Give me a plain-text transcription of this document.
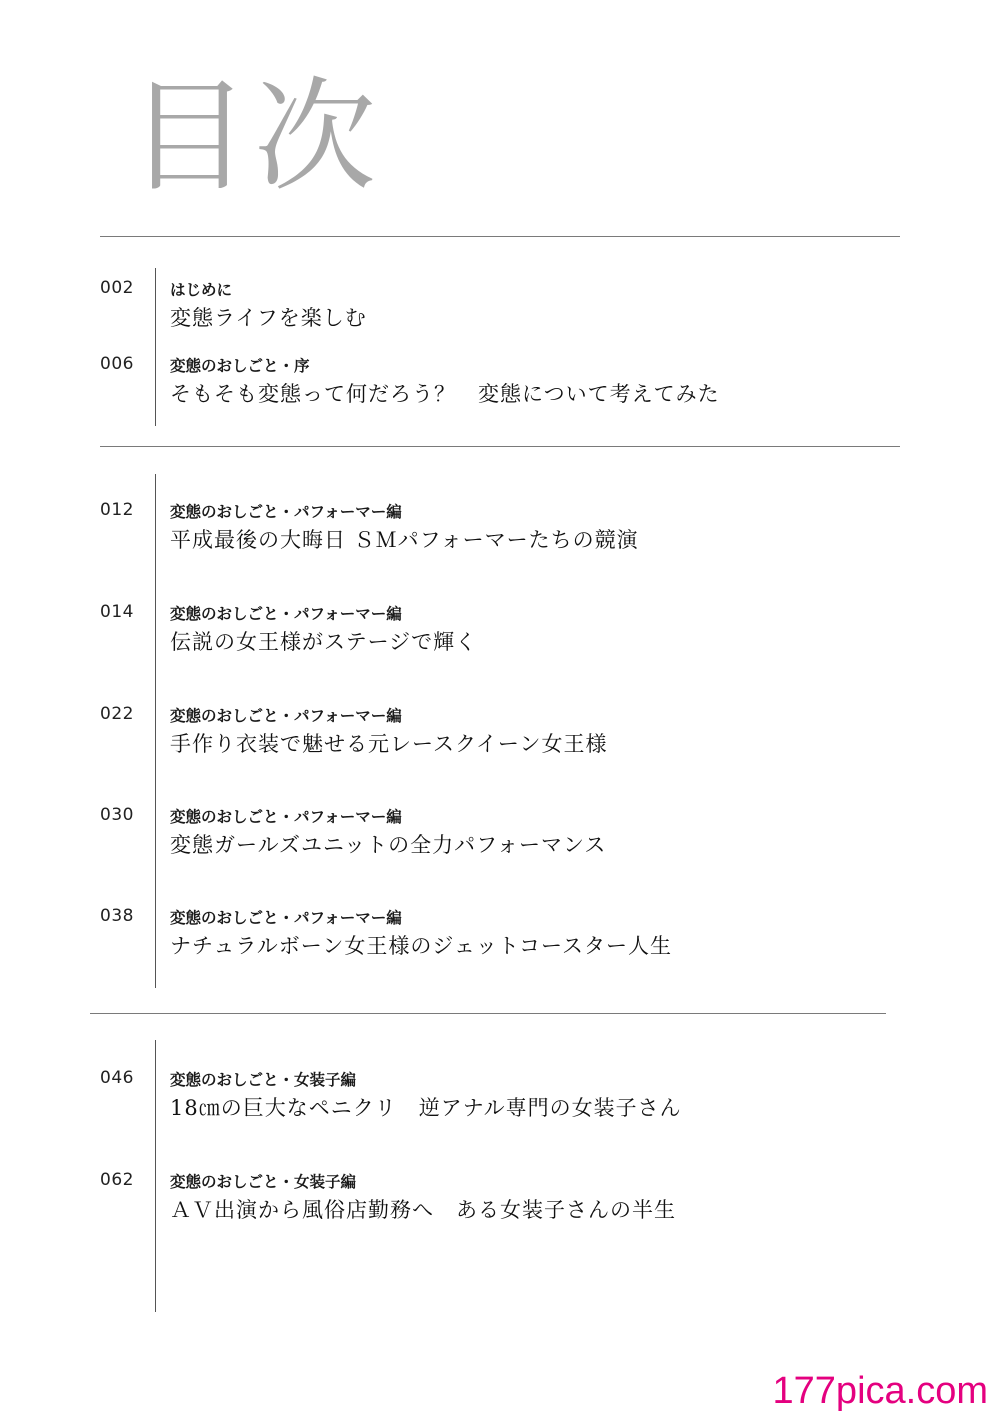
目次
002 はじめに
変態ライフを楽しむ
006 変態のおしごと・序
そもそも変態って何だろう？　変態について考えてみた
012 変態のおしごと・パフォーマー編
平成最後の大晦日 ＳＭパフォーマーたちの競演
014 変態のおしごと・パフォーマー編
伝説の女王様がステージで輝く
022 変態のおしごと・パフォーマー編
手作り衣装で魅せる元レースクイーン女王様
030 変態のおしごと・パフォーマー編
変態ガールズユニットの全力パフォーマンス
038 変態のおしごと・パフォーマー編
ナチュラルボーン女王様のジェットコースター人生
046 変態のおしごと・女装子編
18㎝の巨大なペニクリ　逆アナル専門の女装子さん
062 変態のおしごと・女装子編
ＡＶ出演から風俗店勤務へ　ある女装子さんの半生
177pica.com
